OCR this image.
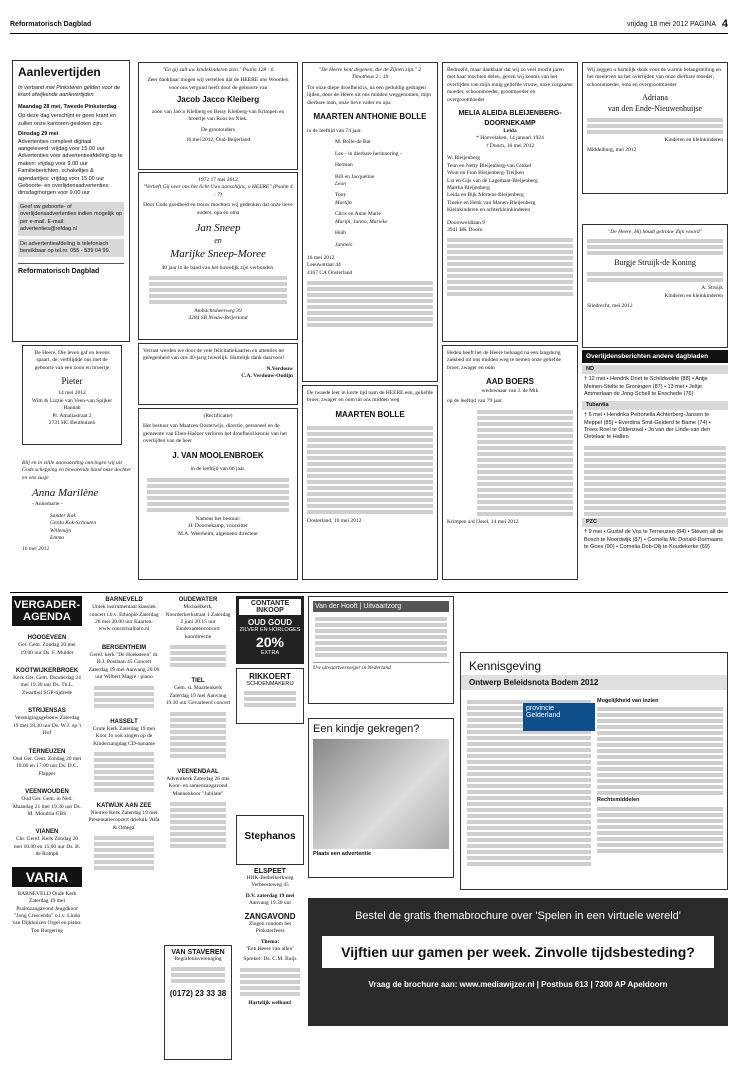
Reformatorisch Dagblad	vrijdag 18 mei 2012 PAGINA 4
Aanlevertijden
In verband met Pinksteren gelden voor de krant afwijkende aanlevertijden.
Maandag 28 mei, Tweede Pinksterdag
Op deze dag verschijnt er geen krant en zullen onze kantoren gesloten zijn.
Dinsdag 29 mei
Advertenties compleet digitaal aangeleverd: vrijdag voor 15.00 uur
Advertenties voor advertentieafdeling op te maken: vrijdag voor 9.00 uur
Familieberichten, schakeltjes & agendaritjes: vrijdag voor 15.00 uur
Geboorte- en overlijdensadvertenties: dinsdagmorgen voor 9.00 uur
Geef uw geboorte- of overlijdensadvertenties indien mogelijk op per e-mail. E-mail: advertenties@refdag.nl
De advertentieafdeling is telefonisch bereikbaar op tel.nr. 055 - 539 04 99.
Reformatorisch Dagblad
De Heere, Die leven gaf en levens spaart, de, verblijdde ons met de geboorte van een zoon en broertje
Pieter
14 mei 2012
Wim & Lizzie van Veen-van Spijker
Hannah
Pr. Amaliastraat 2
2731 HC Benthuizen
Blij en in stille aanvaarding ontvingen wij uit Gods schepping en bewarende hand onze dochter en ons zusje
Anna Marilène
- Annemarie -
Sander Kok
Gerda Kok-Schouten
Willemijn
Emma
16 mei 2012
"En gij zult uw kindekinderen zien." Psalm 128 : 6
Zeer dankbaar mogen wij vertellen dat de HEERE ons Woorden voor ons vergund heeft door de geboorte van
Jacob Jacco Kleiberg
zoon van Jacco Kleiberg en Betsy Kleiberg-van Krimpen en broertje van Roos en Niek.
De grootouders
16 mei 2012, Oud-Beijerland
1972 17 mei 2012
"Verheft Gij over ons het licht Uws aanschijns, o HEERE" (Psalm 4 : 7)
Door Gods goedheid en trouw mochten wij gedenken dat onze lieve ouders, opa en oma
Jan Sneep
en
Marijke Sneep-Moree
40 jaar in de band van het huwelijk zijn verbonden.
Ambachtsheerweg 39
3284 SB Nieuw-Beijerland
Verrast werden we door de vele felicitatiekaarten en attenties ter gelegenheid van ons 40-jarig huwelijk. Hartelijk dank daarvoor!
N.Verdouw
C.A. Verdouw-Oudijn
(Rectificatie)
Het bestuur van Maatzen Oosterwijs, directie, personeel en de gemeente van Eben-Haëzer verloren het droefheid kennis van het overlijden van de heer
J. VAN MOOLENBROEK
in de leeftijd van 66 jaar.
Namens het bestuur:
H. Doornekamp, voorzitter
M.A. Weerheim, algemeen directeur
"De Heere kent degenen, die de Zijnen zijn." 2 Timotheus 2 : 19
Tot onze diepe droefheid is, na een geduldig gedragen lijden, door de Heere uit ons midden weggenomen, mijn dierbare man, onze lieve vader en opa
MAARTEN ANTHONIE BOLLE
in de leeftijd van 74 jaar.
M. Bolle-de Bat
Leo - in dierbare herinnering -
Herman
Bill en Jacqueline
Leon
Tony
Martijn
Chris en Anne Marie
Marijn, Janno, Marieke
Huib
Jannelo
16 mei 2012
Leeuwstraat 44
4167 CA Oosterland
De twaede leer in korte tijd nam de HEERE een, geliefde broer, zwager en oom uit ons midden weg
MAARTEN BOLLE
Oosterland, 16 mei 2012
Bedroefd, maar dankbaar dat wij zo veel mocht jaren met haar mochten delen, geven wij kennis van het overlijden van mijn innig geliefde vrouw, onze zorgzame moeder, schoonmoeder, grootmoeder en overgrootmoeder
MELIA ALEIDA BLEIJENBERG-DOORNEKAMP
Leida
* Hoevelaken, 14 januari 1924
† Doorn, 16 mei 2012
W. Bleijenberg
Teun en Netty Bleijenberg-van Ginkel
Wout en Finn Bleijenberg-Treijken
Lia en Gijs van de Lagemaat-Bleijenberg
Martha Bleijenberg
Leida en Bijk Mertens-Bleijenberg
Tineke en Henk van Manen-Bleijenberg
Kleinkinderen en achterkleinkinderen
Doornweidlaan 9
3941 BK Doorn
Heden heeft het de Heere behaagd na een langdurig ziekbed uit ons midden weg te nemen onze geliefde broer, zwager en oom
AAD BOERS
weduwnaar van J. de Mik
op de leeftijd van 79 jaar.
Krimpen a/d IJssel, 14 mei 2012
Wij zeggen u hartelijk dank voor de warme belangstelling en het meeleven na het overlijden van onze dierbare moeder, schoonmoeder, oma en overgrootmoeder
Adriana
van den Ende-Nieuwenhuijse
Kinderen en kleinkinderen
Middelburg, mei 2012
"De Heere, Hij houdt getrouw Zijn woord"
Burgje Struijk-de Koning
A. Struijk
Kinderen en kleinkinderen
Sliedrecht, mei 2012
Overlijdensberichten andere dagbladen
ND
† 12 mei • Hendrik Driet te Schildwolde (88) • Antje Meinen-Stelte te Groningen (87) • 13 mei • Jeltje Ammerlaan de Jong-Schell te Enschede (76)
Tubantia
† 6 mei • Hendrika Petronella Achterberg-Jansen te Meppel (85) • Everdina Smit-Gelderd te Bame (74) • Trees Roel te Oldenzaal • Jo van der Linde-van den Oetelaar te Halten
PZC
† 9 mei • Gustaf de Vos te Terneuzen (84) • Steven alt de Bosch te Noordwijk (87) • Cornelia Mc Donald-Dormaans te Goes (90) • Cornelia Dob-Olij te Koudekerke (69)
VERGADER-AGENDA
HOOGEVEEN
Ger. Gem. Zondag 20 mei 19:00 uur Ds. F. Mulder
KOOTWIJKERBROEK
Kerk Ger. Gem. Donderdag 24 mei 19.30 uur Ds. Th.L. Zwartbol SGP-tijdrede
STRIJENSAS
Verenigingsgebouw Zaterdag 19 mei 18.30 uur Ds. W.J. op 't Hof
TERNEUZEN
Oud Ger. Gem. Zondag 20 mei 10.00 en 17.00 uur Ds. D.C. Flapper
VEENWOUDEN
Oud Ger. Gem. in Ned. Maandag 21 mei 19.30 uur Ds. M. Mondria GBS
VIANEN
Chr. Geref. Kerk Zondag 20 mei 10.00 en 15.00 uur Ds. B. de Romph
VARIA
BARNEVELD Oude Kerk Zaterdag 19 mei Psalmzangavond Jeugdkoor "Jong Crescendo" o.l.v. Linda van Dijkhuizen Orgel en piano: Ton Burgering
BARNEVELD
Uniek instrumentaal klassiek concert t.b.v. Ethiopië Zaterdag 26 mei 20.00 uur Kaarten: www.concertsalbarn.nl
BERGENTHEIM
Geref. kerk "De Hoeksteen" dr. H.J. Postlaan 45 Concert Zaterdag 19 mei Aanvang 20.00 uur Wilbert Magré / piano
HASSELT
Grote Kerk Zaterdag 19 mei Koor Jo ook zingen op de Kinderzangdag CD-opname
KATWIJK AAN ZEE
Nieuwe Kerk Zaterdag 19 mei Presentatieconcert drieluik 'Alfa & Omega'
OUDEWATER
Michaëlkerk, Noorderkerkstraat 1 Zaterdag 2 juni 20.15 uur Eindexamenconcert koordirectie
TIEL
Gem. st. Maartenkerk Zaterdag 19 mei Aanvang 19.30 uur Gevarieerd concert
VEENENDAAL
Adventkerk Zaterdag 26 mei Koor- en samenzangavond Mannenkoor "Jubilate"
VAN STAVEREN
Begrafenisvereniging
(0172) 23 33 38
CONTANTE INKOOP
OUD GOUD
ZILVER EN HORLOGES
20%
EXTRA
RIKKOERT
SCHOENMAKERIJ
Stephanos
ELSPEET
HHK-Bethelkerkweg Verbeesteweg 45
D.V. zaterdag 19 mei
Aanvang 19.30 uur
ZANGAVOND
Zingen rondom het Pinksterfeest
Thema:
"Een Heere van allen"
Spreker: Ds. C.M. Buijs
Hartelijk welkom!
Van der Hooft | Uitvaartzorg
Uw uitvaartverzorger in Nederland
Een kindje gekregen?
Plaats een advertentie
Kennisgeving
Ontwerp Beleidsnota Bodem 2012
Mogelijkheid van inzien
Rechtsmiddelen
provincie
Gelderland
Bestel de gratis themabrochure over 'Spelen in een virtuele wereld'
Vijftien uur gamen per week. Zinvolle tijdsbesteding?
Vraag de brochure aan: www.mediawijzer.nl | Postbus 613 | 7300 AP Apeldoorn
